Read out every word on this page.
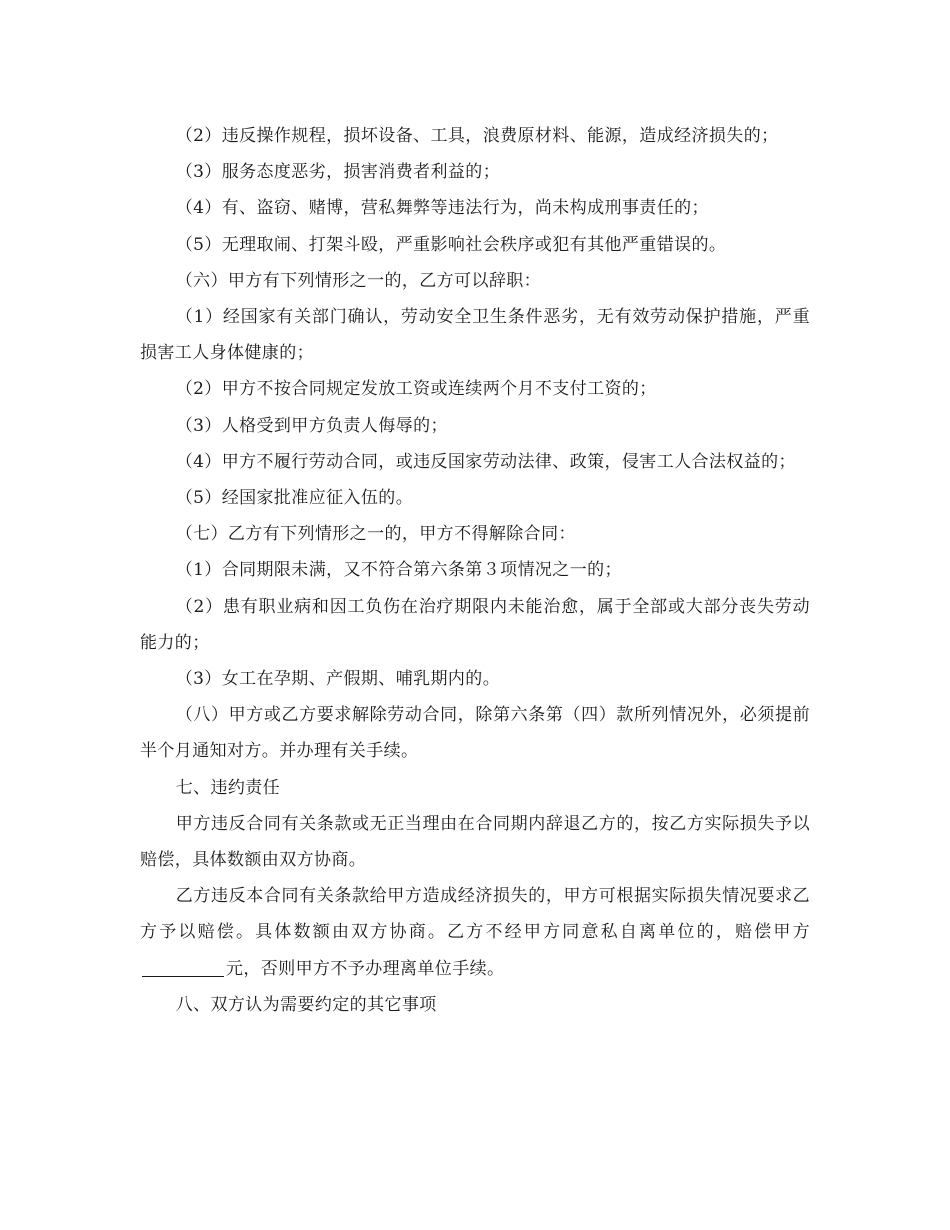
（2）违反操作规程，损坏设备、工具，浪费原材料、能源，造成经济损失的；

（3）服务态度恶劣，损害消费者利益的；

（4）有、盗窃、赌博，营私舞弊等违法行为，尚未构成刑事责任的；

（5）无理取闹、打架斗殴，严重影响社会秩序或犯有其他严重错误的。

（六）甲方有下列情形之一的，乙方可以辞职：

（1）经国家有关部门确认，劳动安全卫生条件恶劣，无有效劳动保护措施，严重损害工人身体健康的；

（2）甲方不按合同规定发放工资或连续两个月不支付工资的；

（3）人格受到甲方负责人侮辱的；

（4）甲方不履行劳动合同，或违反国家劳动法律、政策，侵害工人合法权益的；

（5）经国家批准应征入伍的。

（七）乙方有下列情形之一的，甲方不得解除合同：

（1）合同期限未满，又不符合第六条第３项情况之一的；

（2）患有职业病和因工负伤在治疗期限内未能治愈，属于全部或大部分丧失劳动能力的；

（3）女工在孕期、产假期、哺乳期内的。

（八）甲方或乙方要求解除劳动合同，除第六条第（四）款所列情况外，必须提前半个月通知对方。并办理有关手续。

七、违约责任

甲方违反合同有关条款或无正当理由在合同期内辞退乙方的，按乙方实际损失予以赔偿，具体数额由双方协商。

乙方违反本合同有关条款给甲方造成经济损失的，甲方可根据实际损失情况要求乙方予以赔偿。具体数额由双方协商。乙方不经甲方同意私自离单位的，赔偿甲方元，否则甲方不予办理离单位手续。

八、双方认为需要约定的其它事项
